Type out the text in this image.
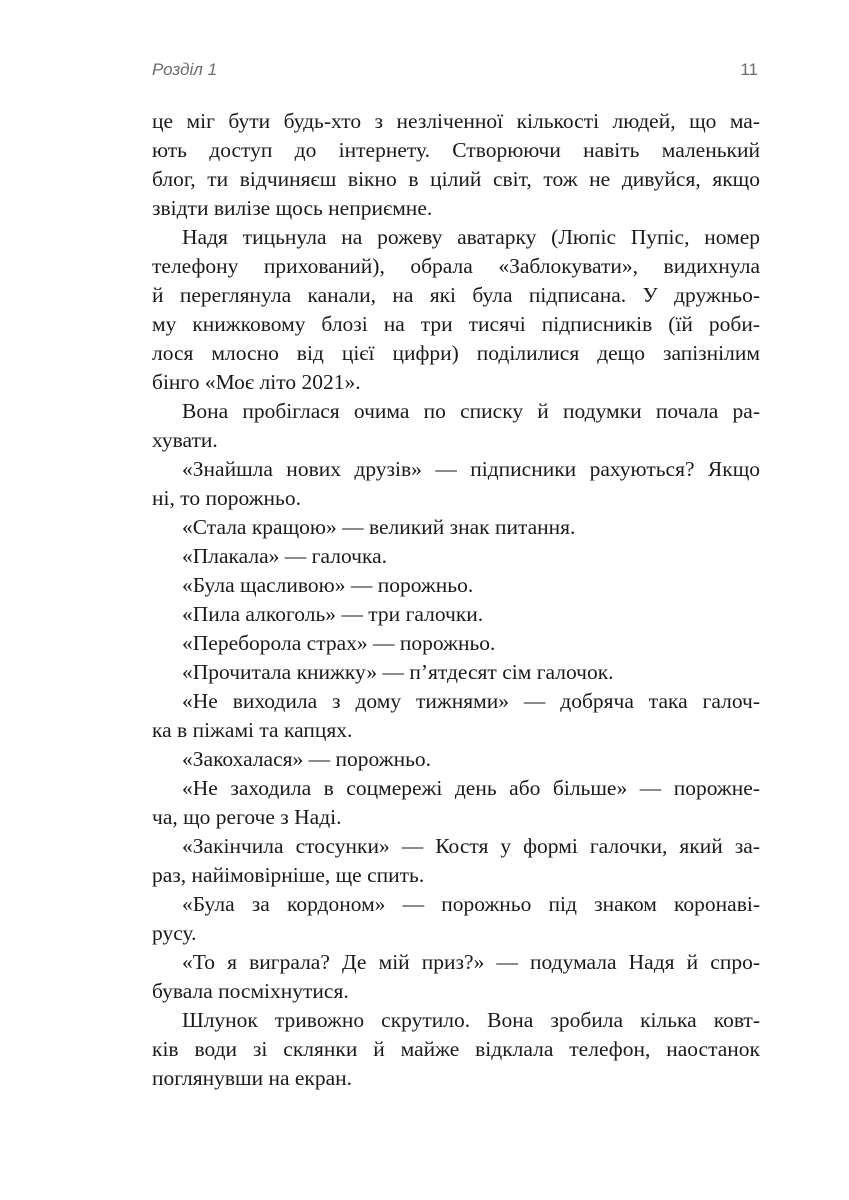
Розділ 1	11
це міг бути будь-хто з незліченної кількості людей, що ма-
ють доступ до інтернету. Створюючи навіть маленький
блог, ти відчиняєш вікно в цілий світ, тож не дивуйся, якщо
звідти вилізе щось неприємне.
Надя тицьнула на рожеву аватарку (Люпіс Пупіс, номер
телефону прихований), обрала «Заблокувати», видихнула
й переглянула канали, на які була підписана. У дружньо-
му книжковому блозі на три тисячі підписників (їй роби-
лося млосно від цієї цифри) поділилися дещо запізнілим
бінго «Моє літо 2021».
Вона пробіглася очима по списку й подумки почала ра-
хувати.
«Знайшла нових друзів» — підписники рахуються? Якщо
ні, то порожньо.
«Стала кращою» — великий знак питання.
«Плакала» — галочка.
«Була щасливою» — порожньо.
«Пила алкоголь» — три галочки.
«Переборола страх» — порожньо.
«Прочитала книжку» — п’ятдесят сім галочок.
«Не виходила з дому тижнями» — добряча така галоч-
ка в піжамі та капцях.
«Закохалася» — порожньо.
«Не заходила в соцмережі день або більше» — порожне-
ча, що регоче з Наді.
«Закінчила стосунки» — Костя у формі галочки, який за-
раз, найімовірніше, ще спить.
«Була за кордоном» — порожньо під знаком коронаві-
русу.
«То я виграла? Де мій приз?» — подумала Надя й спро-
бувала посміхнутися.
Шлунок тривожно скрутило. Вона зробила кілька ковт-
ків води зі склянки й майже відклала телефон, наостанок
поглянувши на екран.
